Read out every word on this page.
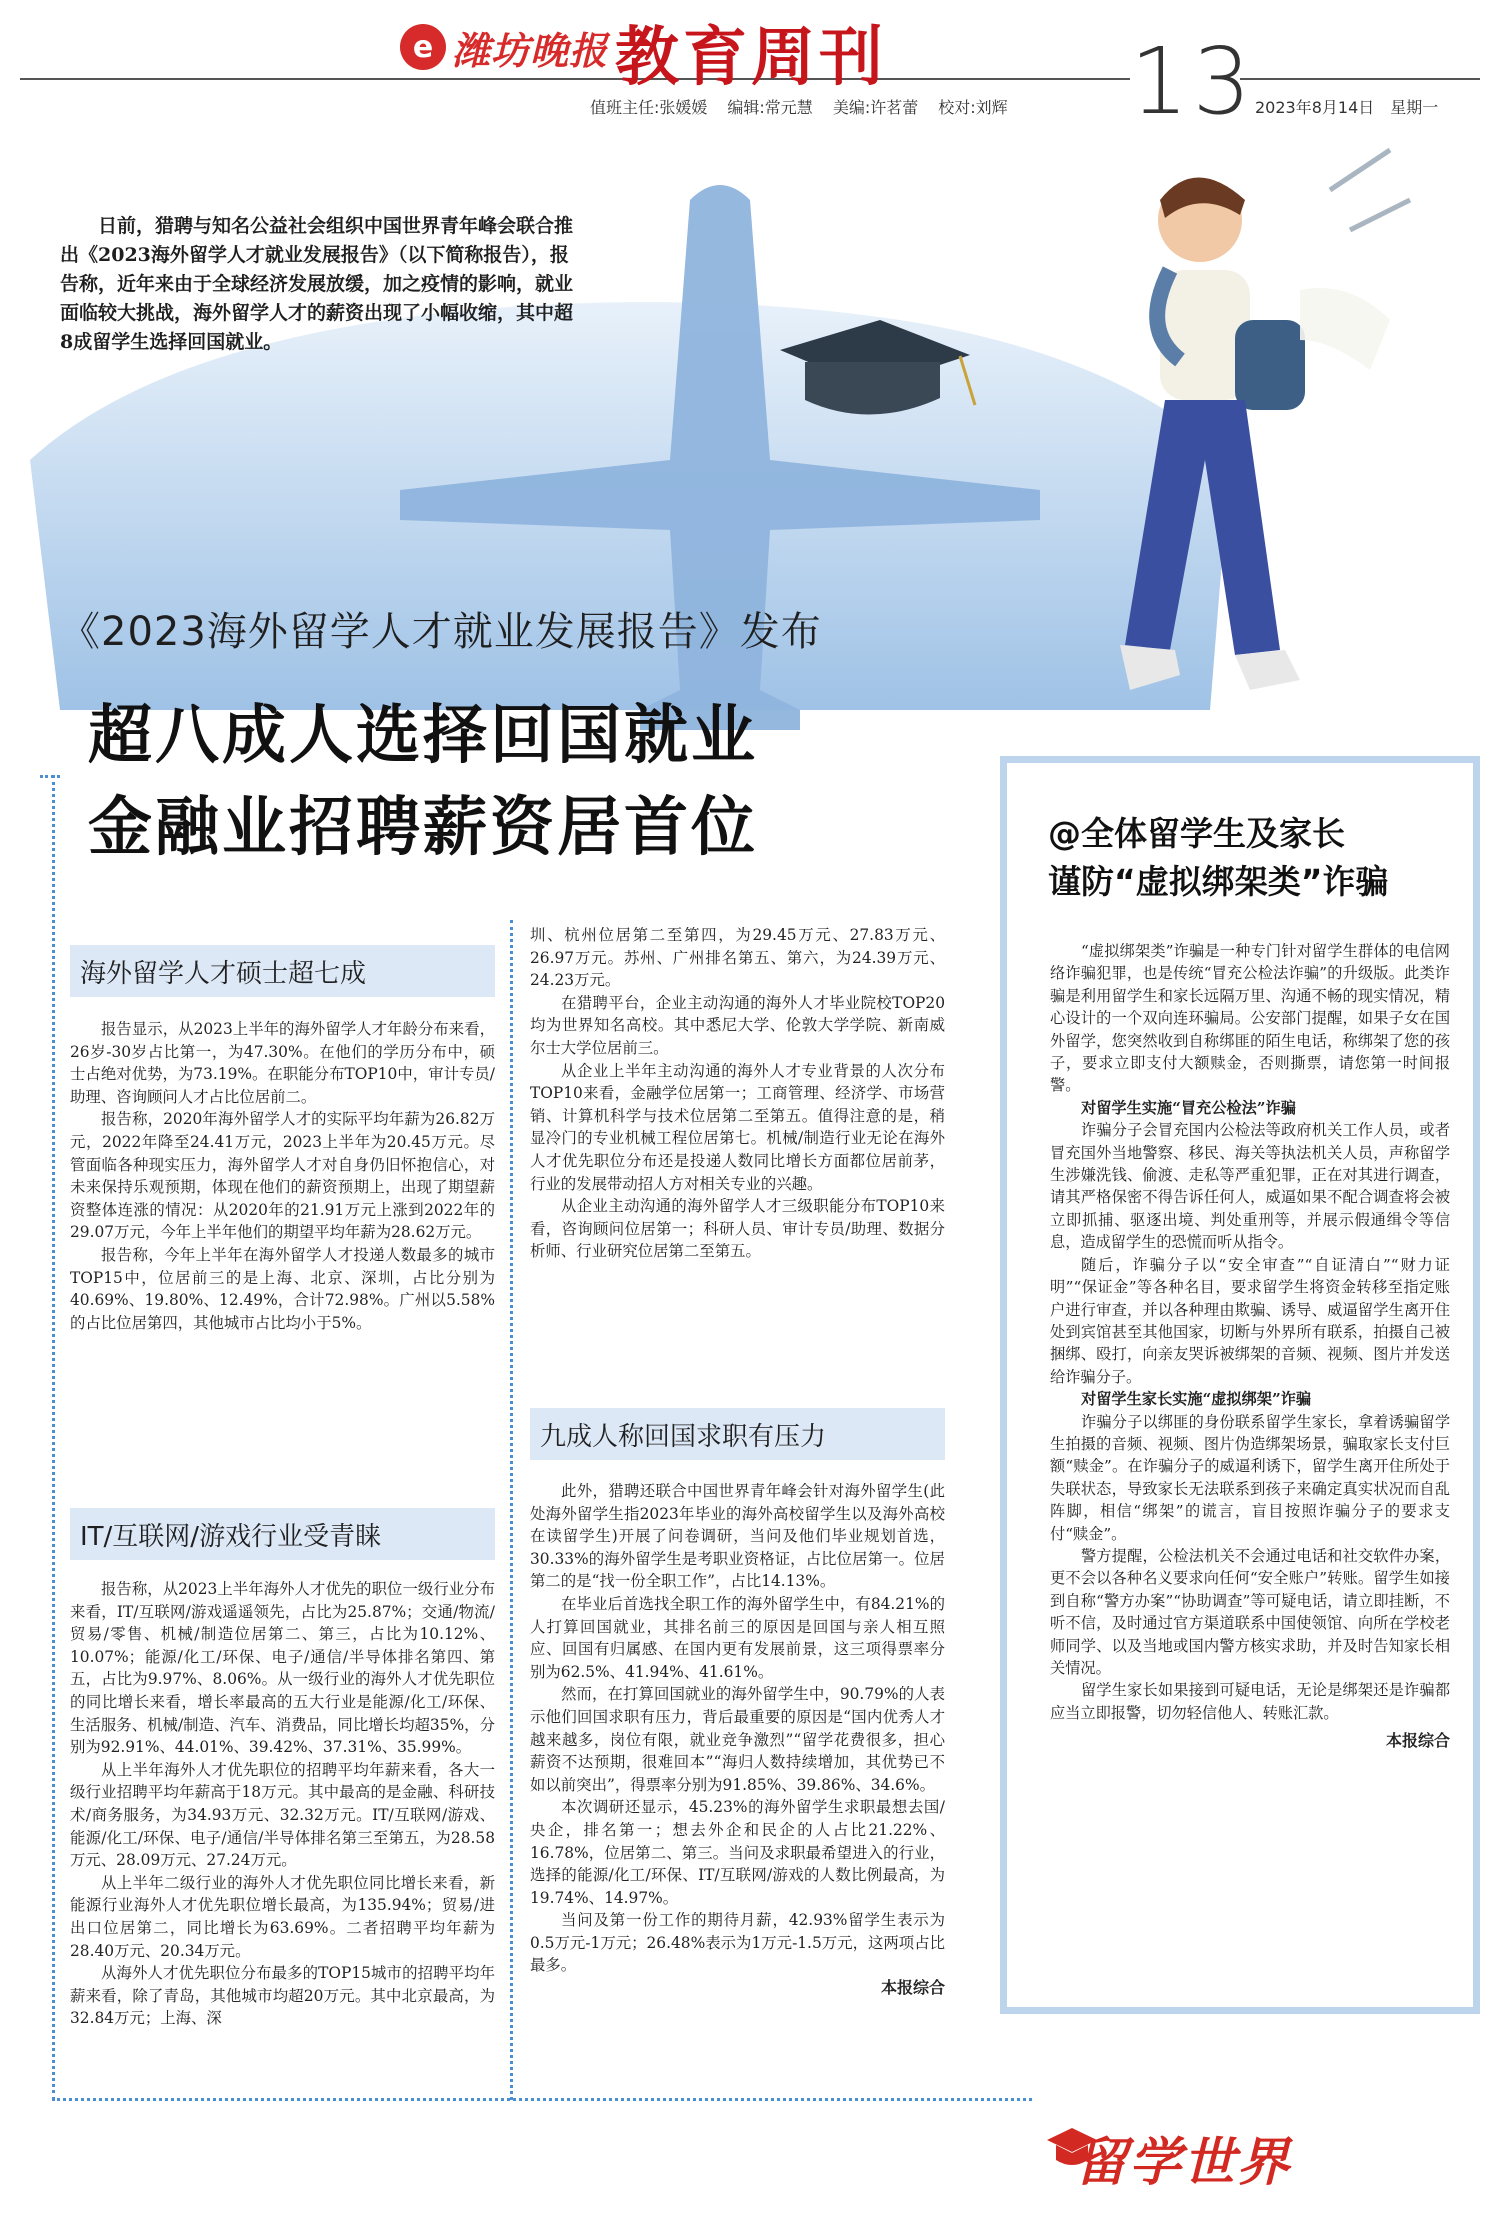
e 潍坊晚报 教育周刊	13
值班主任:张媛媛 编辑:常元慧 美编:许茗蕾 校对:刘辉	2023年8月14日　星期一
日前，猎聘与知名公益社会组织中国世界青年峰会联合推出《2023海外留学人才就业发展报告》（以下简称报告），报告称，近年来由于全球经济发展放缓，加之疫情的影响，就业面临较大挑战，海外留学人才的薪资出现了小幅收缩，其中超8成留学生选择回国就业。
《2023海外留学人才就业发展报告》发布
超八成人选择回国就业
金融业招聘薪资居首位
海外留学人才硕士超七成

报告显示，从2023上半年的海外留学人才年龄分布来看，26岁-30岁占比第一，为47.30%。在他们的学历分布中，硕士占绝对优势，为73.19%。在职能分布TOP10中，审计专员/助理、咨询顾问人才占比位居前二。

报告称，2020年海外留学人才的实际平均年薪为26.82万元，2022年降至24.41万元，2023上半年为20.45万元。尽管面临各种现实压力，海外留学人才对自身仍旧怀抱信心，对未来保持乐观预期，体现在他们的薪资预期上，出现了期望薪资整体连涨的情况：从2020年的21.91万元上涨到2022年的29.07万元，今年上半年他们的期望平均年薪为28.62万元。

报告称，今年上半年在海外留学人才投递人数最多的城市TOP15中，位居前三的是上海、北京、深圳，占比分别为40.69%、19.80%、12.49%，合计72.98%。广州以5.58%的占比位居第四，其他城市占比均小于5%。

IT/互联网/游戏行业受青睐

报告称，从2023上半年海外人才优先的职位一级行业分布来看，IT/互联网/游戏遥遥领先，占比为25.87%；交通/物流/贸易/零售、机械/制造位居第二、第三，占比为10.12%、10.07%；能源/化工/环保、电子/通信/半导体排名第四、第五，占比为9.97%、8.06%。从一级行业的海外人才优先职位的同比增长来看，增长率最高的五大行业是能源/化工/环保、生活服务、机械/制造、汽车、消费品，同比增长均超35%，分别为92.91%、44.01%、39.42%、37.31%、35.99%。

从上半年海外人才优先职位的招聘平均年薪来看，各大一级行业招聘平均年薪高于18万元。其中最高的是金融、科研技术/商务服务，为34.93万元、32.32万元。IT/互联网/游戏、能源/化工/环保、电子/通信/半导体排名第三至第五，为28.58万元、28.09万元、27.24万元。

从上半年二级行业的海外人才优先职位同比增长来看，新能源行业海外人才优先职位增长最高，为135.94%；贸易/进出口位居第二，同比增长为63.69%。二者招聘平均年薪为28.40万元、20.34万元。

从海外人才优先职位分布最多的TOP15城市的招聘平均年薪来看，除了青岛，其他城市均超20万元。其中北京最高，为32.84万元；上海、深

圳、杭州位居第二至第四，为29.45万元、27.83万元、26.97万元。苏州、广州排名第五、第六，为24.39万元、24.23万元。

在猎聘平台，企业主动沟通的海外人才毕业院校TOP20均为世界知名高校。其中悉尼大学、伦敦大学学院、新南威尔士大学位居前三。

从企业上半年主动沟通的海外人才专业背景的人次分布TOP10来看，金融学位居第一；工商管理、经济学、市场营销、计算机科学与技术位居第二至第五。值得注意的是，稍显冷门的专业机械工程位居第七。机械/制造行业无论在海外人才优先职位分布还是投递人数同比增长方面都位居前茅，行业的发展带动招人方对相关专业的兴趣。

从企业主动沟通的海外留学人才三级职能分布TOP10来看，咨询顾问位居第一；科研人员、审计专员/助理、数据分析师、行业研究位居第二至第五。

九成人称回国求职有压力

此外，猎聘还联合中国世界青年峰会针对海外留学生(此处海外留学生指2023年毕业的海外高校留学生以及海外高校在读留学生)开展了问卷调研，当问及他们毕业规划首选，30.33%的海外留学生是考职业资格证，占比位居第一。位居第二的是“找一份全职工作”，占比14.13%。

在毕业后首选找全职工作的海外留学生中，有84.21%的人打算回国就业，其排名前三的原因是回国与亲人相互照应、回国有归属感、在国内更有发展前景，这三项得票率分别为62.5%、41.94%、41.61%。

然而，在打算回国就业的海外留学生中，90.79%的人表示他们回国求职有压力，背后最重要的原因是“国内优秀人才越来越多，岗位有限，就业竞争激烈”“留学花费很多，担心薪资不达预期，很难回本”“海归人数持续增加，其优势已不如以前突出”，得票率分别为91.85%、39.86%、34.6%。

本次调研还显示，45.23%的海外留学生求职最想去国/央企，排名第一；想去外企和民企的人占比21.22%、16.78%，位居第二、第三。当问及求职最希望进入的行业，选择的能源/化工/环保、IT/互联网/游戏的人数比例最高，为19.74%、14.97%。

当问及第一份工作的期待月薪，42.93%留学生表示为0.5万元-1万元；26.48%表示为1万元-1.5万元，这两项占比最多。

本报综合
@全体留学生及家长
谨防“虚拟绑架类”诈骗

“虚拟绑架类”诈骗是一种专门针对留学生群体的电信网络诈骗犯罪，也是传统“冒充公检法诈骗”的升级版。此类诈骗是利用留学生和家长远隔万里、沟通不畅的现实情况，精心设计的一个双向连环骗局。公安部门提醒，如果子女在国外留学，您突然收到自称绑匪的陌生电话，称绑架了您的孩子，要求立即支付大额赎金，否则撕票，请您第一时间报警。

对留学生实施“冒充公检法”诈骗

诈骗分子会冒充国内公检法等政府机关工作人员，或者冒充国外当地警察、移民、海关等执法机关人员，声称留学生涉嫌洗钱、偷渡、走私等严重犯罪，正在对其进行调查，请其严格保密不得告诉任何人，威逼如果不配合调查将会被立即抓捕、驱逐出境、判处重刑等，并展示假通缉令等信息，造成留学生的恐慌而听从指令。

随后，诈骗分子以“安全审查”“自证清白”“财力证明”“保证金”等各种名目，要求留学生将资金转移至指定账户进行审查，并以各种理由欺骗、诱导、威逼留学生离开住处到宾馆甚至其他国家，切断与外界所有联系，拍摄自己被捆绑、殴打，向亲友哭诉被绑架的音频、视频、图片并发送给诈骗分子。

对留学生家长实施“虚拟绑架”诈骗

诈骗分子以绑匪的身份联系留学生家长，拿着诱骗留学生拍摄的音频、视频、图片伪造绑架场景，骗取家长支付巨额“赎金”。在诈骗分子的威逼利诱下，留学生离开住所处于失联状态，导致家长无法联系到孩子来确定真实状况而自乱阵脚，相信“绑架”的谎言，盲目按照诈骗分子的要求支付“赎金”。

警方提醒，公检法机关不会通过电话和社交软件办案，更不会以各种名义要求向任何“安全账户”转账。留学生如接到自称“警方办案”“协助调查”等可疑电话，请立即挂断，不听不信，及时通过官方渠道联系中国使领馆、向所在学校老师同学、以及当地或国内警方核实求助，并及时告知家长相关情况。

留学生家长如果接到可疑电话，无论是绑架还是诈骗都应当立即报警，切勿轻信他人、转账汇款。

本报综合
留学世界
